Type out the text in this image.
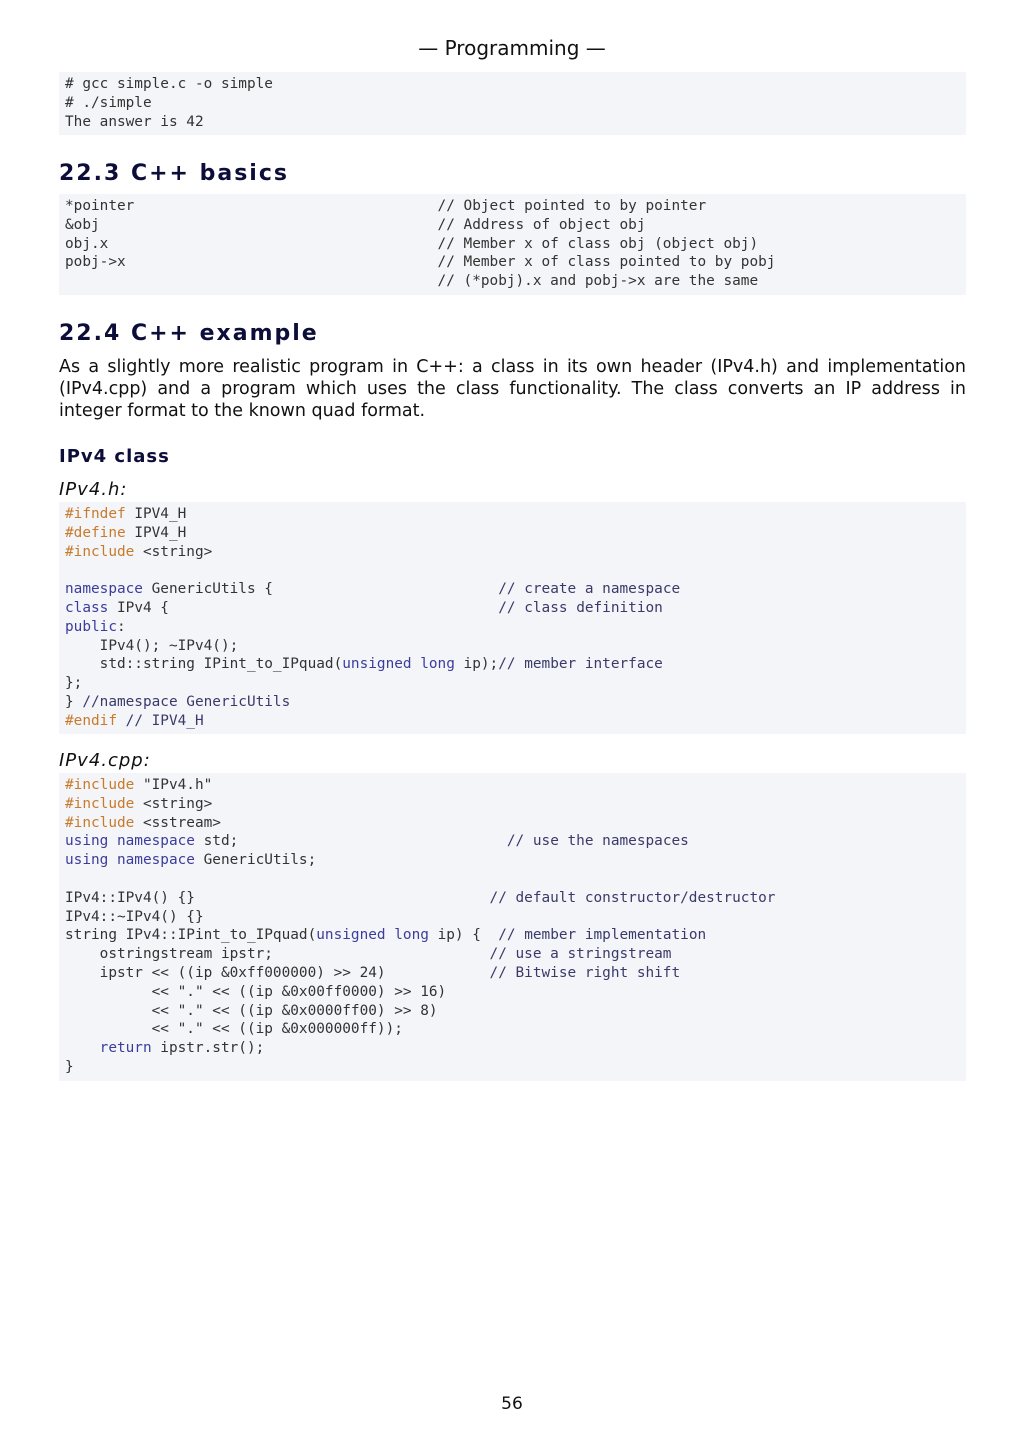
— Programming —
# gcc simple.c -o simple
# ./simple
The answer is 42
22.3 C++ basics
*pointer                                   // Object pointed to by pointer
&obj                                       // Address of object obj
obj.x                                      // Member x of class obj (object obj)
pobj->x                                    // Member x of class pointed to by pobj
// (*pobj).x and pobj->x are the same
22.4 C++ example

As a slightly more realistic program in C++: a class in its own header (IPv4.h) and implementation (IPv4.cpp) and a program which uses the class functionality. The class converts an IP address in integer format to the known quad format.

IPv4 class
IPv4.h:
#ifndef IPV4_H
#define IPV4_H
#include <string>
namespace GenericUtils {                          // create a namespace
class IPv4 {                                      // class definition
public:
IPv4(); ~IPv4();
std::string IPint_to_IPquad(unsigned long ip);// member interface
};
} //namespace GenericUtils
#endif // IPV4_H
IPv4.cpp:
#include "IPv4.h"
#include <string>
#include <sstream>
using namespace std;                               // use the namespaces
using namespace GenericUtils;
IPv4::IPv4() {}                                  // default constructor/destructor
IPv4::~IPv4() {}
string IPv4::IPint_to_IPquad(unsigned long ip) {  // member implementation
ostringstream ipstr;                         // use a stringstream
ipstr << ((ip &0xff000000) >> 24)            // Bitwise right shift
<< "." << ((ip &0x00ff0000) >> 16)
<< "." << ((ip &0x0000ff00) >> 8)
<< "." << ((ip &0x000000ff));
return ipstr.str();
}
56
